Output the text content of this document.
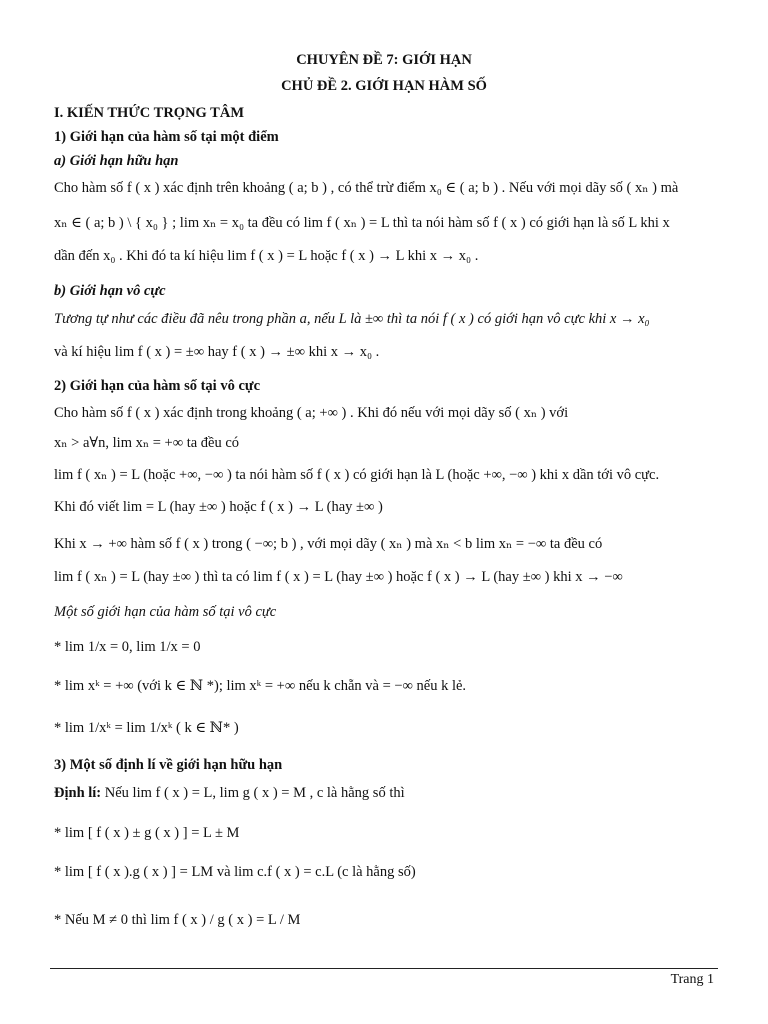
CHUYÊN ĐỀ 7: GIỚI HẠN
CHỦ ĐỀ 2. GIỚI HẠN HÀM SỐ
I. KIẾN THỨC TRỌNG TÂM
1) Giới hạn của hàm số tại một điểm
a) Giới hạn hữu hạn
Cho hàm số f ( x ) xác định trên khoảng ( a; b ) , có thể trừ điểm x₀ ∈ ( a; b ) . Nếu với mọi dãy số ( xₙ ) mà
xₙ ∈ ( a; b ) \ { x₀ } ; lim xₙ = x₀ ta đều có lim f ( xₙ ) = L thì ta nói hàm số f ( x ) có giới hạn là số L khi x
dần đến x₀ . Khi đó ta kí hiệu lim f ( x ) = L hoặc f ( x ) → L khi x → x₀ .
b) Giới hạn vô cực
Tương tự như các điều đã nêu trong phần a, nếu L là ±∞ thì ta nói f ( x ) có giới hạn vô cực khi x → x₀
và kí hiệu lim f ( x ) = ±∞ hay f ( x ) → ±∞ khi x → x₀ .
2) Giới hạn của hàm số tại vô cực
Cho hàm số f ( x ) xác định trong khoảng ( a; +∞ ) . Khi đó nếu với mọi dãy số ( xₙ ) với
xₙ > a∀n, lim xₙ = +∞ ta đều có
lim f ( xₙ ) = L (hoặc +∞, −∞ ) ta nói hàm số f ( x ) có giới hạn là L (hoặc +∞, −∞ ) khi x dần tới vô cực.
Khi đó viết lim = L (hay ±∞ ) hoặc f ( x ) → L (hay ±∞ )
Khi x → +∞ hàm số f ( x ) trong ( −∞; b ) , với mọi dãy ( xₙ ) mà xₙ < b lim xₙ = −∞ ta đều có
lim f ( xₙ ) = L (hay ±∞ ) thì ta có lim f ( x ) = L (hay ±∞ ) hoặc f ( x ) → L (hay ±∞ ) khi x → −∞
Một số giới hạn của hàm số tại vô cực
* lim 1/x = 0, lim 1/x = 0
* lim xᵏ = +∞ (với k ∈ ℕ *); lim xᵏ = +∞ nếu k chẵn và = −∞ nếu k lẻ.
* lim 1/xᵏ = lim 1/xᵏ ( k ∈ ℕ* )
3) Một số định lí về giới hạn hữu hạn
Định lí: Nếu lim f ( x ) = L, lim g ( x ) = M , c là hằng số thì
* lim [ f ( x ) ± g ( x ) ] = L ± M
* lim [ f ( x ).g ( x ) ] = LM và lim c.f ( x ) = c.L (c là hằng số)
* Nếu M ≠ 0 thì lim f ( x ) / g ( x ) = L / M
Trang 1
